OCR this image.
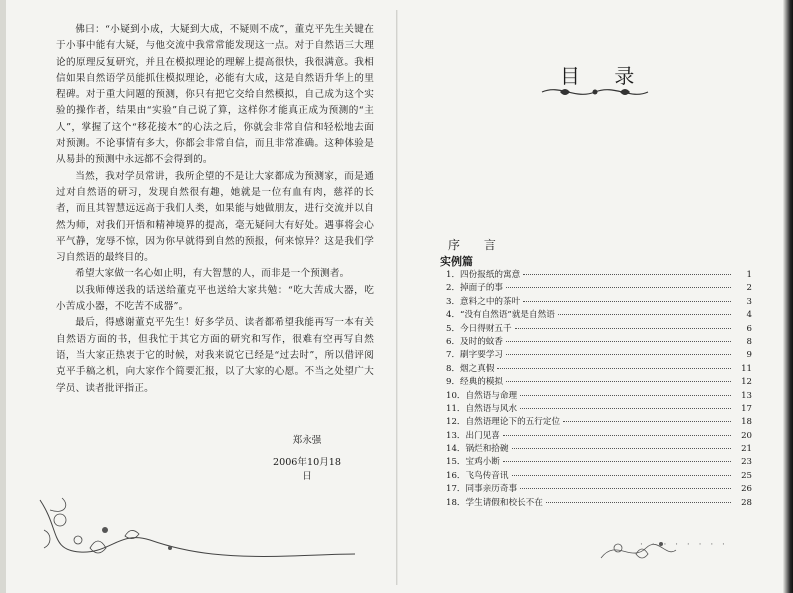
佛曰：“小疑到小成，大疑到大成，不疑则不成”，董克平先生关键在于小事中能有大疑，与他交流中我常常能发现这一点。对于自然语三大理论的原理反复研究，并且在模拟理论的理解上提高很快，我很满意。我相信如果自然语学员能抓住模拟理论，必能有大成，这是自然语升华上的里程碑。对于重大问题的预测，你只有把它交给自然模拟，自己成为这个实验的操作者，结果由“实验”自己说了算，这样你才能真正成为预测的“主人”，掌握了这个“移花接木”的心法之后，你就会非常自信和轻松地去面对预测。不论事情有多大，你都会非常自信，而且非常准确。这种体验是从易卦的预测中永远都不会得到的。

当然，我对学员常讲，我所企望的不是让大家都成为预测家，而是通过对自然语的研习，发现自然很有趣，她就是一位有血有肉，慈祥的长者，而且其智慧远远高于我们人类，如果能与她做朋友，进行交流并以自然为师，对我们开悟和精神境界的提高，毫无疑问大有好处。遇事将会心平气静，宠辱不惊，因为你早就得到自然的预报，何来惊异？这是我们学习自然语的最终目的。

希望大家做一名心如止明，有大智慧的人，而非是一个预测者。

以我师傅送我的话送给董克平也送给大家共勉：“吃大苦成大器，吃小苦成小器，不吃苦不成器”。

最后，得感谢董克平先生！好多学员、读者都希望我能再写一本有关自然语方面的书，但我忙于其它方面的研究和写作，很难有空再写自然语，当大家正热衷于它的时候，对我来说它已经是“过去时”，所以借评阅克平手稿之机，向大家作个简要汇报，以了大家的心愿。不当之处望广大学员、读者批评指正。

郑永强
2006年10月18日
目 录
序 言
实例篇
1．四份报纸的寓意	1
2．掉面子的事	2
3．意料之中的茶叶	3
4．“没有自然语”就是自然语	4
5．今日得财五千	6
6．及时的蚊香	8
7．刷字要学习	9
8．烟之真假	11
9．经典的模拟	12
10．自然语与命理	13
11．自然语与风水	17
12．自然语理论下的五行定位	18
13．出门见喜	20
14．锅烂和拾碗	21
15．宝鸡小断	23
16．飞鸟传音讯	25
17．同事亲历奇事	26
18．学生请假和校长不在	28
· · · · · · · ·
